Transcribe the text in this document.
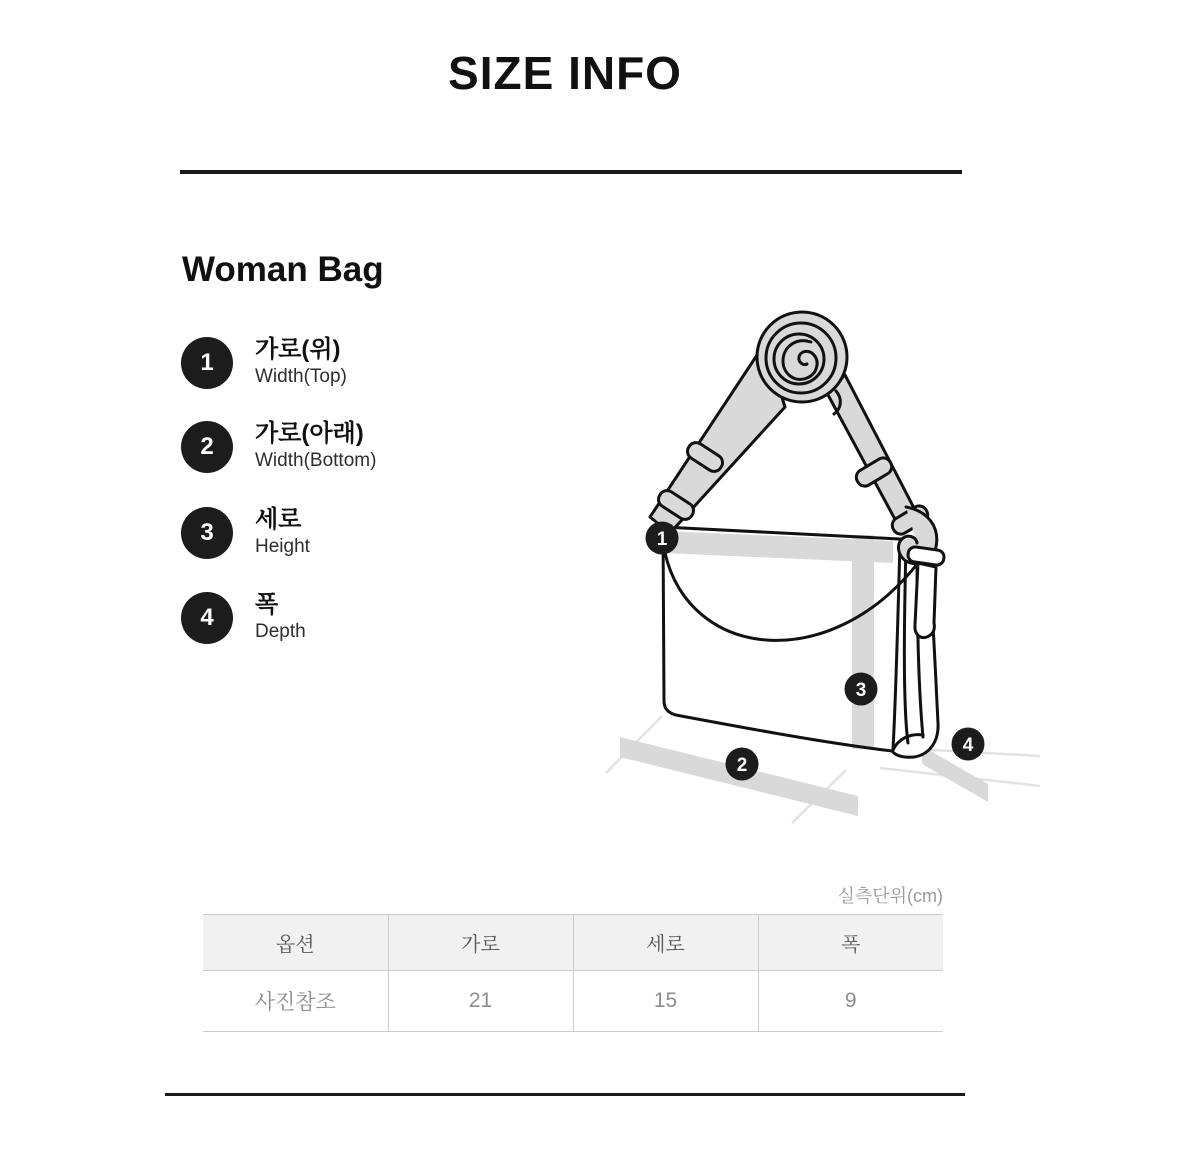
SIZE INFO
Woman Bag
1	가로(위)
Width(Top)
2	가로(아래)
Width(Bottom)
3	세로
Height
4	폭
Depth
1
2
3
4
실측단위(cm)
옵션	가로	세로	폭
사진참조	21	15	9
